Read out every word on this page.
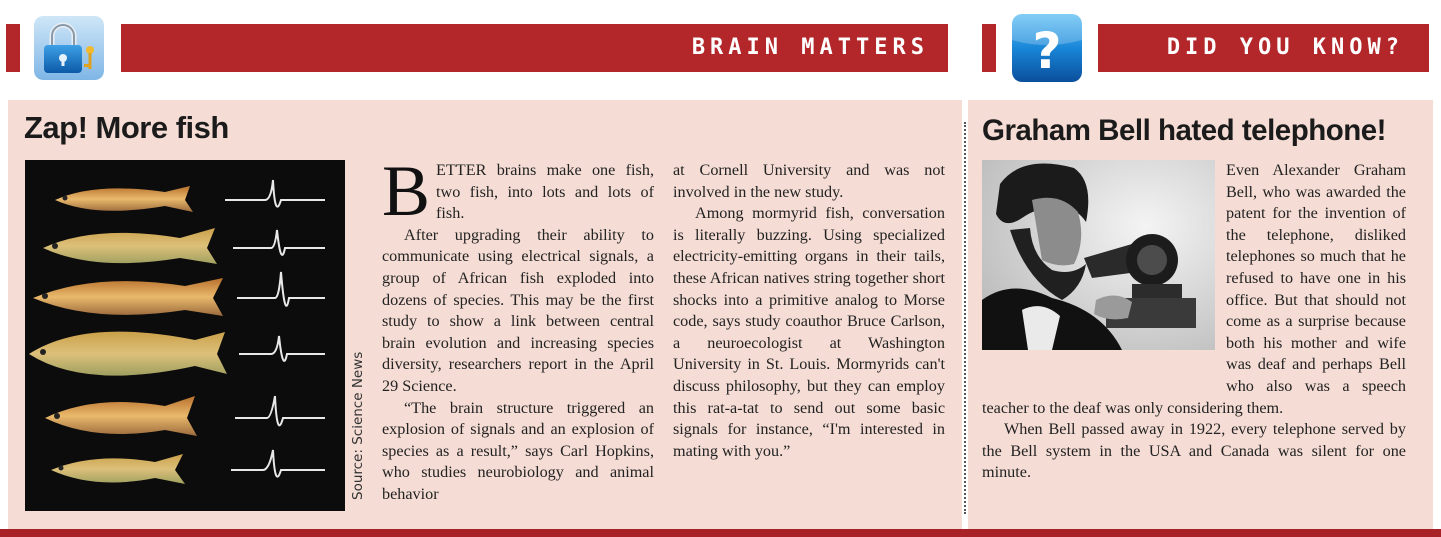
BRAIN MATTERS ?	DID YOU KNOW?
Zap! More fish
Source: Science News

BETTER brains make one fish, two fish, into lots and lots of fish.

After upgrading their ability to communicate using electrical signals, a group of African fish exploded into dozens of species. This may be the first study to show a link between central brain evolution and increasing species diversity, researchers report in the April 29 Science.

“The brain structure triggered an explosion of signals and an explosion of species as a result,” says Carl Hopkins, who studies neurobiology and animal behavior

at Cornell University and was not involved in the new study.

Among mormyrid fish, conversation is literally buzzing. Using specialized electricity-emitting organs in their tails, these African natives string together short shocks into a primitive analog to Morse code, says study coauthor Bruce Carlson, a neuroecologist at Washington University in St. Louis. Mormyrids can't discuss philosophy, but they can employ this rat-a-tat to send out some basic signals for instance, “I'm interested in mating with you.”

Graham Bell hated telephone!

Even Alexander Graham Bell, who was awarded the patent for the invention of the telephone, disliked telephones so much that he refused to have one in his office. But that should not come as a surprise because both his mother and wife was deaf and perhaps Bell who also was a speech teacher to the deaf was only considering them.

When Bell passed away in 1922, every telephone served by the Bell system in the USA and Canada was silent for one minute.
